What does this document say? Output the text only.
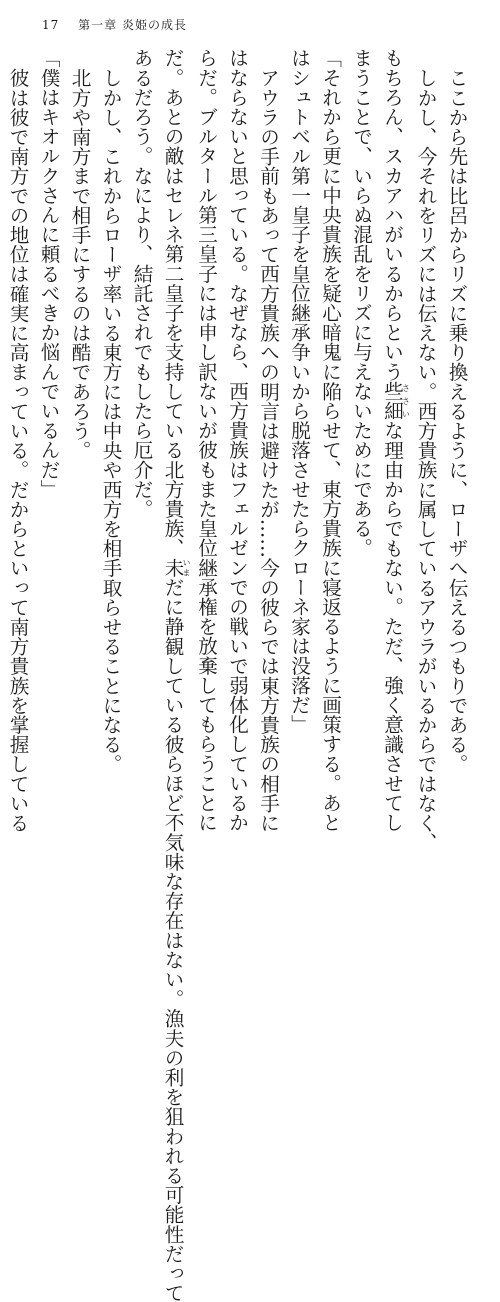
17 第一章 炎姫の成長

ここから先は比呂からリズに乗り換えるように、ローザへ伝えるつもりである。

しかし、今それをリズには伝えない。西方貴族に属しているアウラがいるからではなく、

もちろん、スカアハがいるからという些細ささいな理由からでもない。ただ、強く意識させてし

まうことで、いらぬ混乱をリズに与えないためにである。

「それから更に中央貴族を疑心暗鬼に陥らせて、東方貴族に寝返るように画策する。あと

はシュトベル第一皇子を皇位継承争いから脱落させたらクローネ家は没落だ」

アウラの手前もあって西方貴族への明言は避けたが……今の彼らでは東方貴族の相手に

はならないと思っている。なぜなら、西方貴族はフェルゼンでの戦いで弱体化しているか

らだ。ブルタール第三皇子には申し訳ないが彼もまた皇位継承権を放棄してもらうことに

だ。あとの敵はセレネ第二皇子を支持している北方貴族、未いまだに静観している彼らほど不気味な存在はない。漁夫の利を狙われる可能性だって

あるだろう。なにより、結託されでもしたら厄介だ。

しかし、これからローザ率いる東方には中央や西方を相手取らせることになる。

北方や南方まで相手にするのは酷であろう。

「僕はキオルクさんに頼るべきか悩んでいるんだ」

彼は彼で南方での地位は確実に高まっている。だからといって南方貴族を掌握している
